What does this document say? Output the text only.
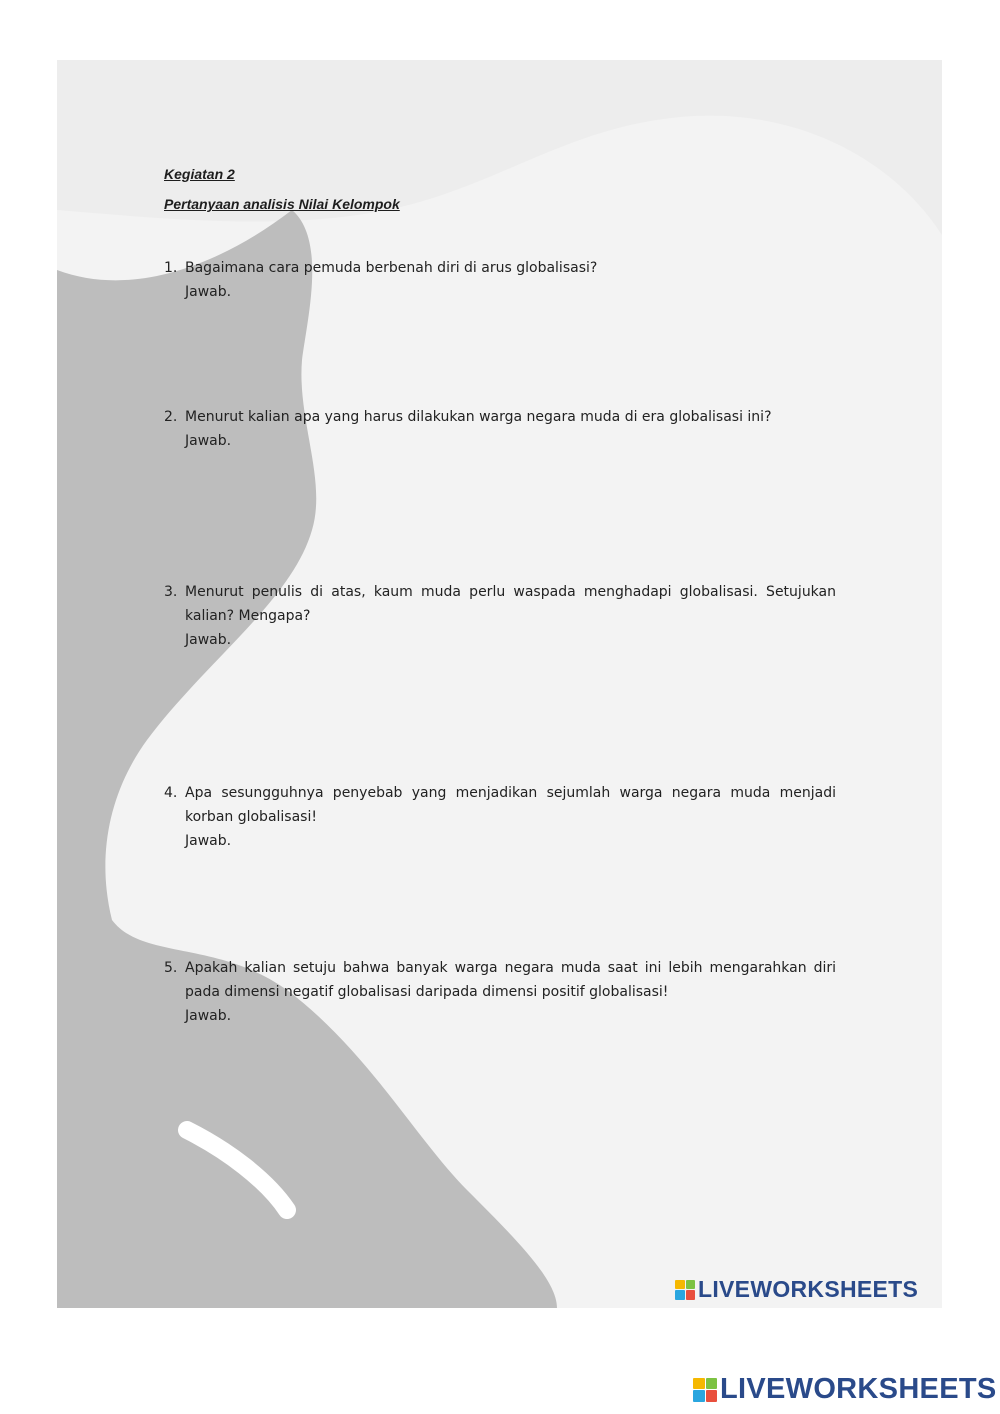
Kegiatan 2
Pertanyaan analisis Nilai Kelompok
1. Bagaimana cara pemuda berbenah diri di arus globalisasi?
Jawab.
2. Menurut kalian apa yang harus dilakukan warga negara muda di era globalisasi ini?
Jawab.
3. Menurut penulis di atas, kaum muda perlu waspada menghadapi globalisasi. Setujukan kalian? Mengapa?
Jawab.
4. Apa sesungguhnya penyebab yang menjadikan sejumlah warga negara muda menjadi korban globalisasi!
Jawab.
5. Apakah kalian setuju bahwa banyak warga negara muda saat ini lebih mengarahkan diri pada dimensi negatif globalisasi daripada dimensi positif globalisasi!
Jawab.
LIVEWORKSHEETS
LIVEWORKSHEETS
